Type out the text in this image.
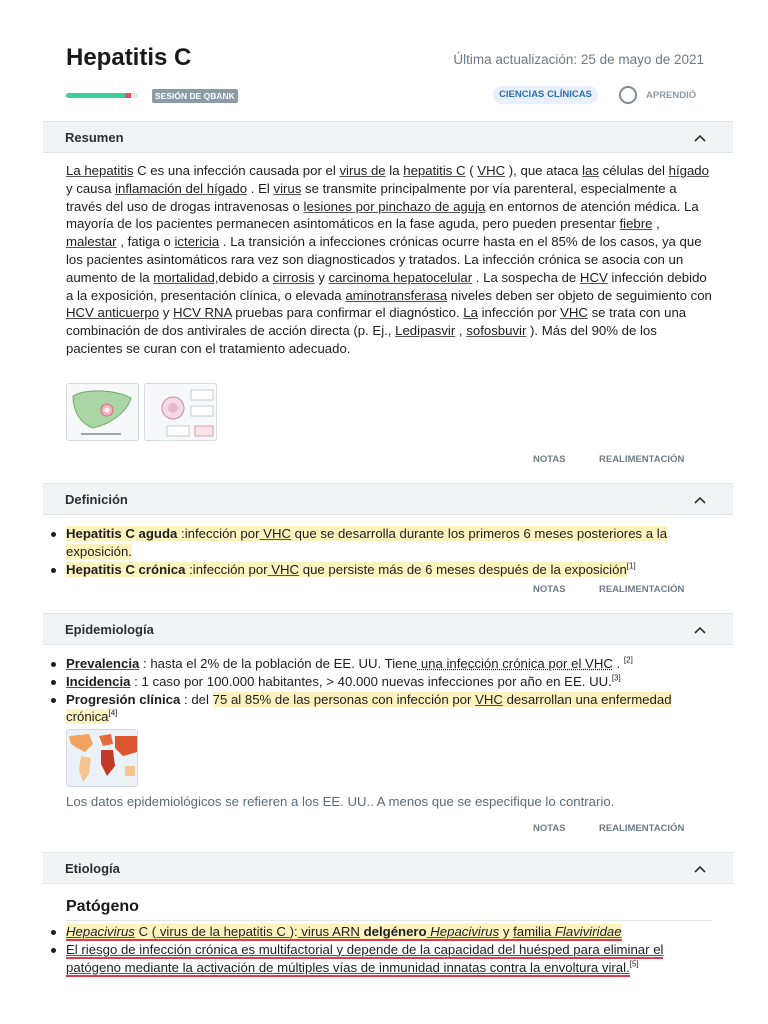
Hepatitis C	Última actualización: 25 de mayo de 2021
SESIÓN DE QBANK	CIENCIAS CLÍNICAS	APRENDIÓ
Resumen
La hepatitis C es una infección causada por el virus de la hepatitis C ( VHC ), que ataca las células del hígado y causa inflamación del hígado . El virus se transmite principalmente por vía parenteral, especialmente a través del uso de drogas intravenosas o lesiones por pinchazo de aguja en entornos de atención médica. La mayoría de los pacientes permanecen asintomáticos en la fase aguda, pero pueden presentar fiebre , malestar , fatiga o ictericia . La transición a infecciones crónicas ocurre hasta en el 85% de los casos, ya que los pacientes asintomáticos rara vez son diagnosticados y tratados. La infección crónica se asocia con un aumento de la mortalidad,debido a cirrosis y carcinoma hepatocelular . La sospecha de HCV infección debido a la exposición, presentación clínica, o elevada aminotransferasa niveles deben ser objeto de seguimiento con HCV anticuerpo y HCV RNA pruebas para confirmar el diagnóstico. La infección por VHC se trata con una combinación de dos antivirales de acción directa (p. Ej., Ledipasvir , sofosbuvir ). Más del 90% de los pacientes se curan con el tratamiento adecuado.
NOTAS	REALIMENTACIÓN
Definición
Hepatitis C aguda :infección por VHC que se desarrolla durante los primeros 6 meses posteriores a la exposición.
Hepatitis C crónica :infección por VHC que persiste más de 6 meses después de la exposición[1]
NOTAS	REALIMENTACIÓN
Epidemiología
Prevalencia : hasta el 2% de la población de EE. UU. Tiene una infección crónica por el VHC . [2]
Incidencia : 1 caso por 100.000 habitantes, > 40.000 nuevas infecciones por año en EE. UU.[3]
Progresión clínica : del 75 al 85% de las personas con infección por VHC desarrollan una enfermedad crónica[4]
Los datos epidemiológicos se refieren a los EE. UU.. A menos que se especifique lo contrario.
NOTAS	REALIMENTACIÓN
Etiología
Patógeno
Hepacivirus C ( virus de la hepatitis C ): virus ARN delgénero Hepacivirus y familia Flaviviridae
El riesgo de infección crónica es multifactorial y depende de la capacidad del huésped para eliminar el patógeno mediante la activación de múltiples vías de inmunidad innatas contra la envoltura viral.[5]
